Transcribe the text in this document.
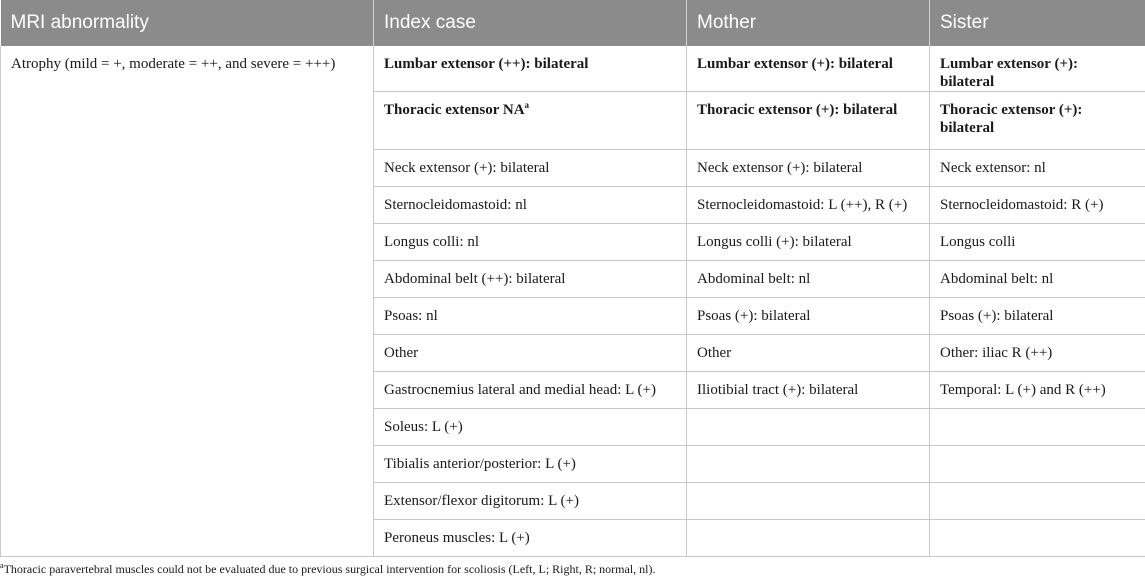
MRI abnormality	Index case	Mother	Sister
Atrophy (mild = +, moderate = ++, and severe = +++)	Lumbar extensor (++): bilateral	Lumbar extensor (+): bilateral	Lumbar extensor (+): bilateral
	Thoracic extensor $NA^a$	Thoracic extensor (+): bilateral	Thoracic extensor (+): bilateral
	Neck extensor (+): bilateral	Neck extensor (+): bilateral	Neck extensor: nl
	Sternocleidomastoid: nl	Sternocleidomastoid: L (++), R (+)	Sternocleidomastoid: R (+)
	Longus colli: nl	Longus colli (+): bilateral	Longus colli
	Abdominal belt (++): bilateral	Abdominal belt: nl	Abdominal belt: nl
	Psoas: nl	Psoas (+): bilateral	Psoas (+): bilateral
	Other	Other	Other: iliac R (++)
	Gastrocnemius lateral and medial head: L (+)	Iliotibial tract (+): bilateral	Temporal: L (+) and R (++)
	Soleus: L (+)		
	Tibialis anterior/posterior: L (+)		
	Extensor/flexor digitorum: L (+)		
	Peroneus muscles: L (+)		
$^a$Thoracic paravertebral muscles could not be evaluated due to previous surgical intervention for scoliosis (Left, L; Right, R; normal, nl).
